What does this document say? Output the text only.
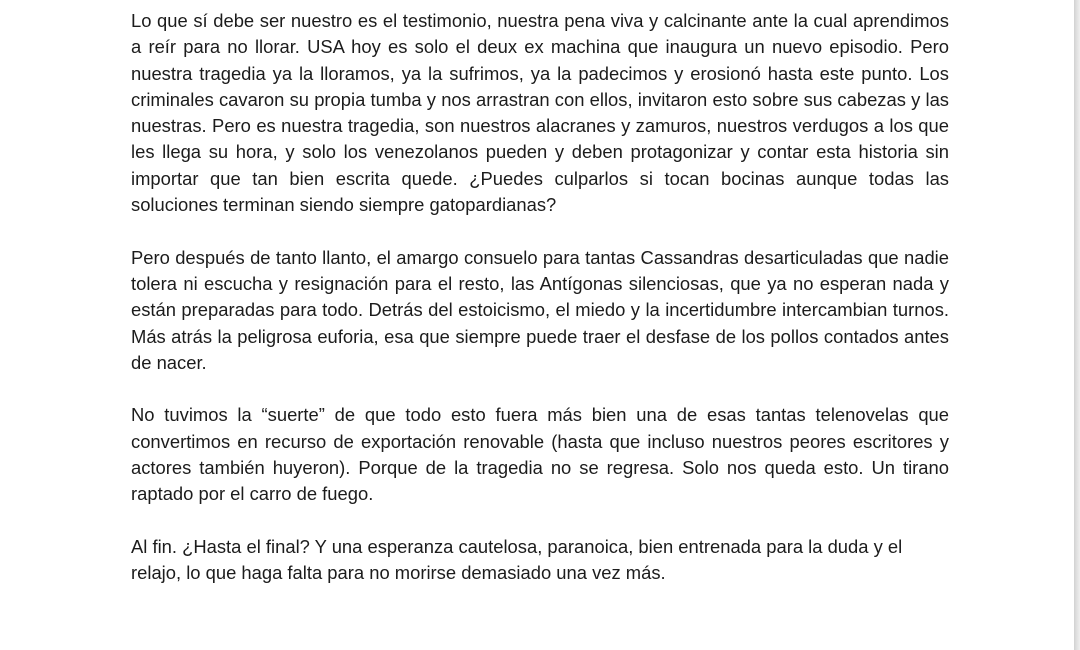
Lo que sí debe ser nuestro es el testimonio, nuestra pena viva y calcinante ante la cual aprendimos a reír para no llorar. USA hoy es solo el deux ex machina que inaugura un nuevo episodio. Pero nuestra tragedia ya la lloramos, ya la sufrimos, ya la padecimos y erosionó hasta este punto. Los criminales cavaron su propia tumba y nos arrastran con ellos, invitaron esto sobre sus cabezas y las nuestras. Pero es nuestra tragedia, son nuestros alacranes y zamuros, nuestros verdugos a los que les llega su hora, y solo los venezolanos pueden y deben protagonizar y contar esta historia sin importar que tan bien escrita quede. ¿Puedes culparlos si tocan bocinas aunque todas las soluciones terminan siendo siempre gatopardianas?

Pero después de tanto llanto, el amargo consuelo para tantas Cassandras desarticuladas que nadie tolera ni escucha y resignación para el resto, las Antígonas silenciosas, que ya no esperan nada y están preparadas para todo. Detrás del estoicismo, el miedo y la incertidumbre intercambian turnos. Más atrás la peligrosa euforia, esa que siempre puede traer el desfase de los pollos contados antes de nacer.

No tuvimos la “suerte” de que todo esto fuera más bien una de esas tantas telenovelas que convertimos en recurso de exportación renovable (hasta que incluso nuestros peores escritores y actores también huyeron). Porque de la tragedia no se regresa. Solo nos queda esto. Un tirano raptado por el carro de fuego.

Al fin. ¿Hasta el final? Y una esperanza cautelosa, paranoica, bien entrenada para la duda y el relajo, lo que haga falta para no morirse demasiado una vez más.
